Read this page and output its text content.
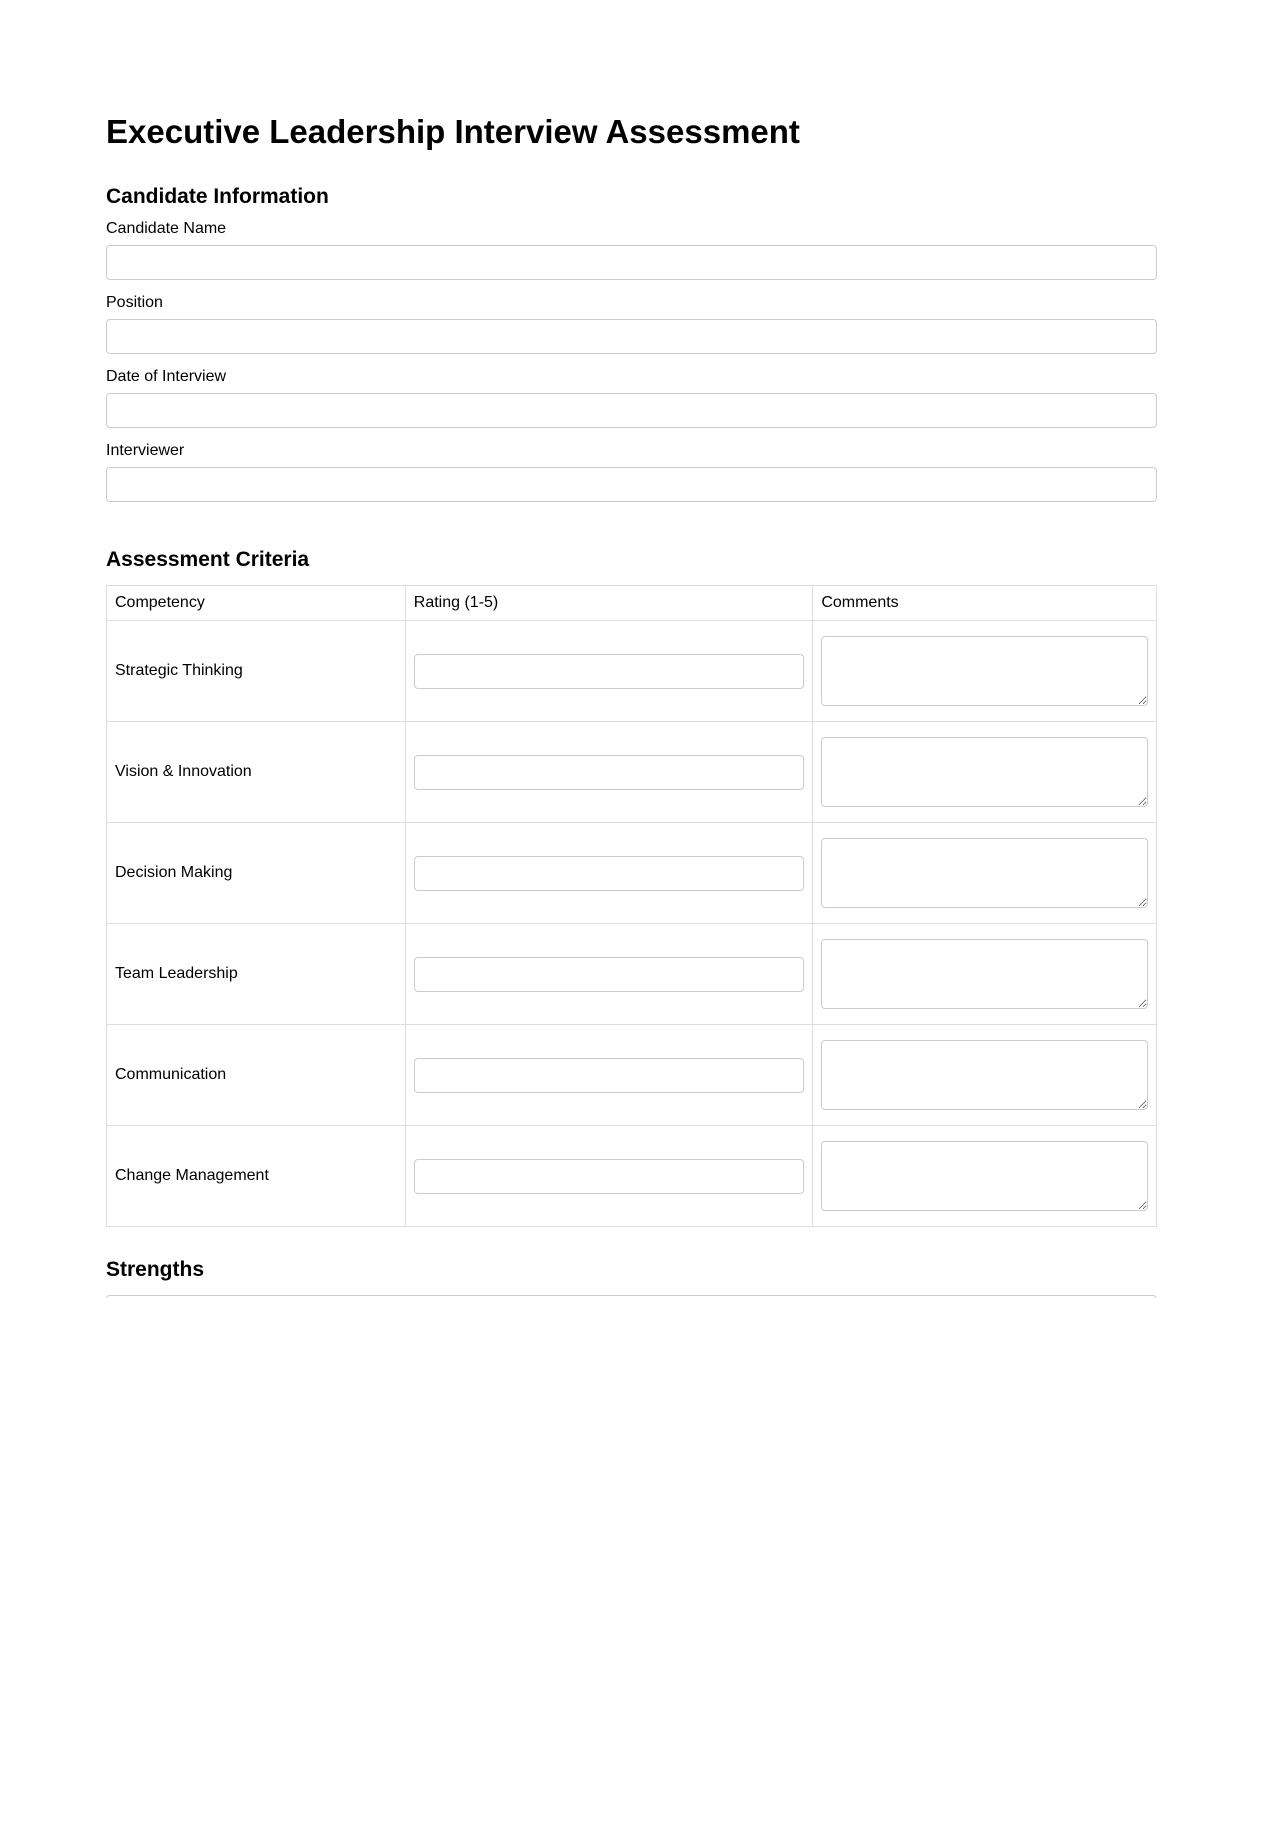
Executive Leadership Interview Assessment
Candidate Information
Candidate Name
Position
Date of Interview
Interviewer
Assessment Criteria
Competency	Rating (1-5)	Comments
Strategic Thinking	

Vision & Innovation	

Decision Making	

Team Leadership	

Communication	

Change Management	

Strengths
